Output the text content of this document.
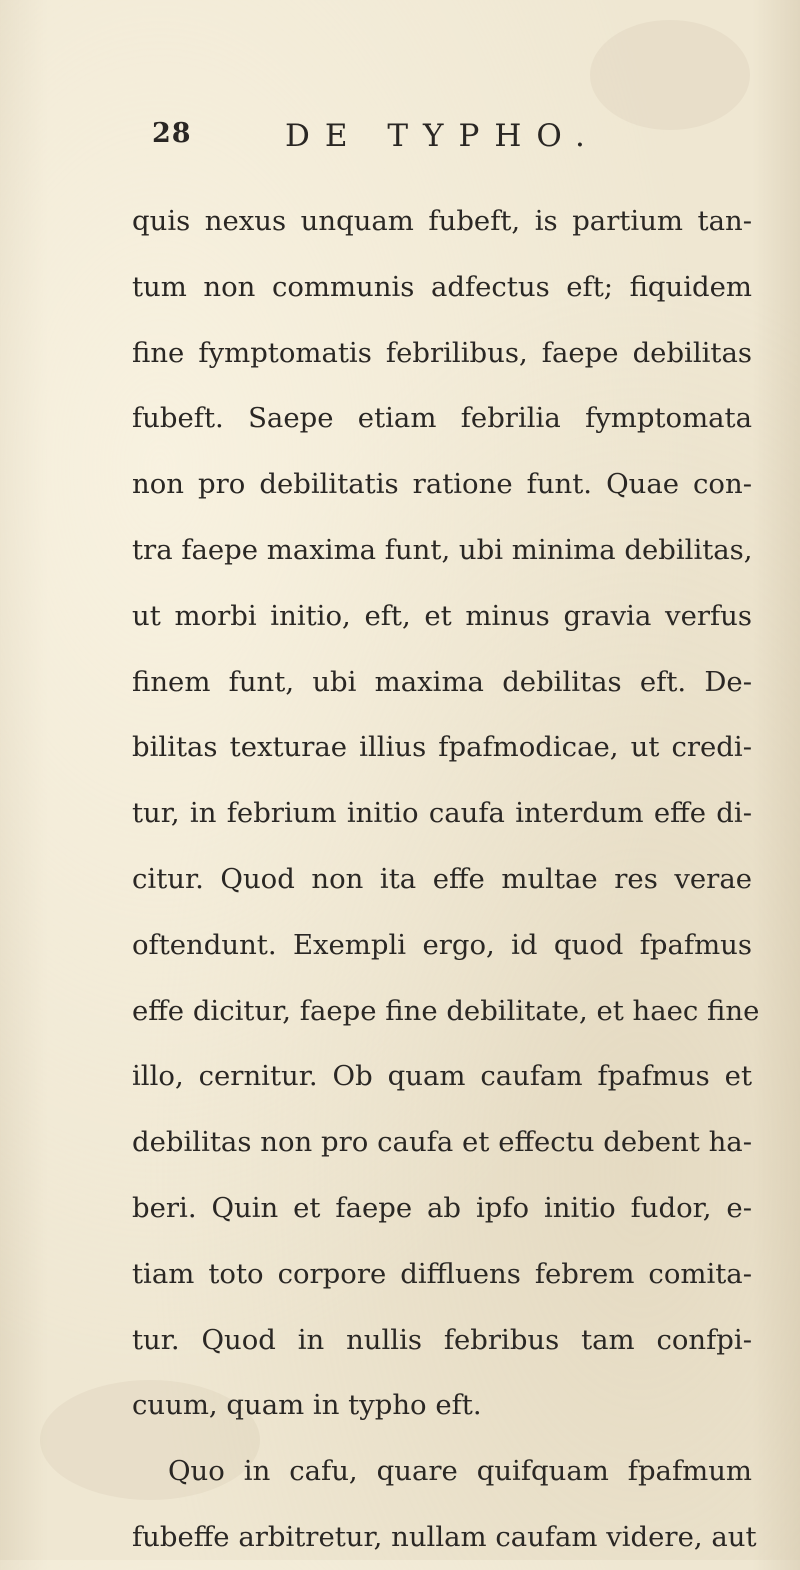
28	DE TYPHO.
quis nexus unquam fubeft, is partium tan-
tum non communis adfectus eft; fiquidem
fine fymptomatis febrilibus, faepe debilitas
fubeft. Saepe etiam febrilia fymptomata
non pro debilitatis ratione funt. Quae con-
tra faepe maxima funt, ubi minima debilitas,
ut morbi initio, eft, et minus gravia verfus
finem funt, ubi maxima debilitas eft. De-
bilitas texturae illius fpafmodicae, ut credi-
tur, in febrium initio caufa interdum effe di-
citur. Quod non ita effe multae res verae
oftendunt. Exempli ergo, id quod fpafmus
effe dicitur, faepe fine debilitate, et haec fine
illo, cernitur. Ob quam caufam fpafmus et
debilitas non pro caufa et effectu debent ha-
beri. Quin et faepe ab ipfo initio fudor, e-
tiam toto corpore diffluens febrem comita-
tur. Quod in nullis febribus tam confpi-
cuum, quam in typho eft.
Quo in cafu, quare quifquam fpafmum
fubeffe arbitretur, nullam caufam videre, aut
